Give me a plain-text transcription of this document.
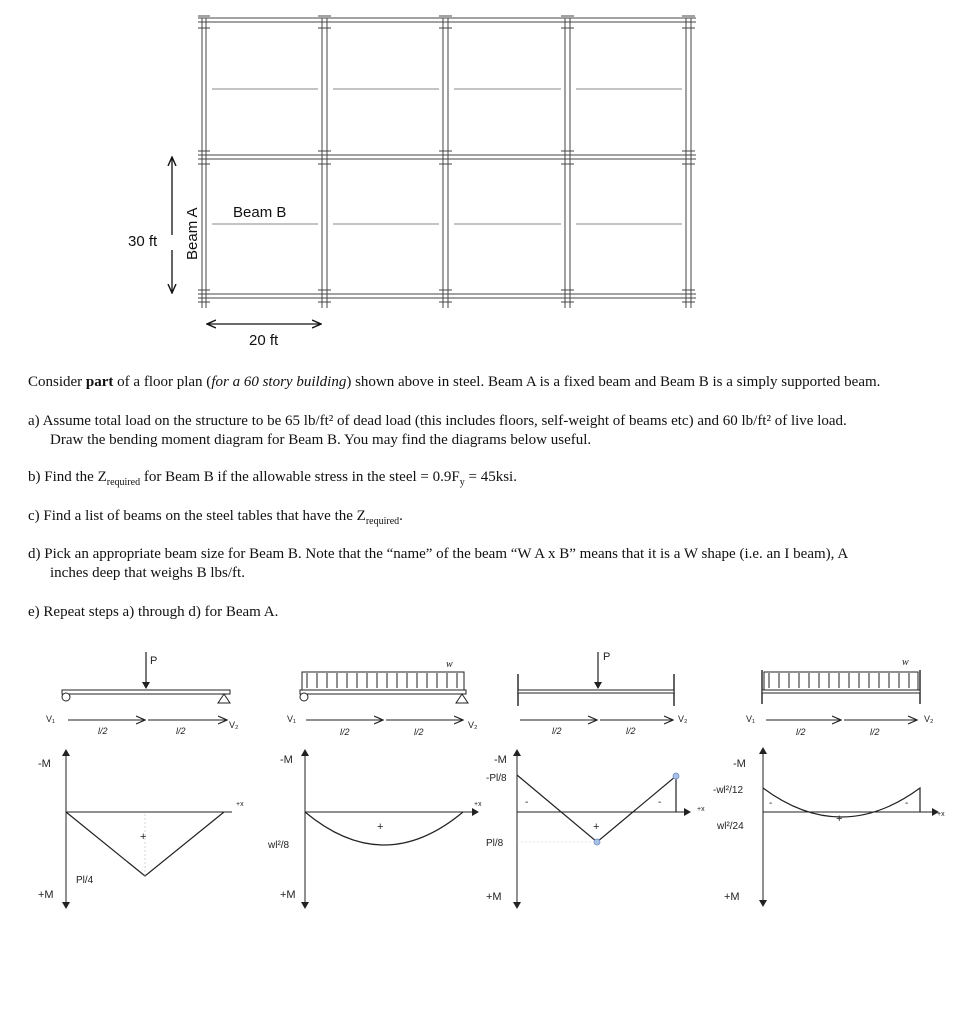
30 ft
20 ft
Beam B
Beam A

Consider part of a floor plan (for a 60 story building) shown above in steel. Beam A is a fixed beam and Beam B is a simply supported beam.

a) Assume total load on the structure to be 65 lb/ft² of dead load (this includes floors, self-weight of beams etc) and 60 lb/ft² of live load.
Draw the bending moment diagram for Beam B. You may find the diagrams below useful.

b) Find the $Z_{required}$ for Beam B if the allowable stress in the steel = $0.9F_y = 45ksi$.

c) Find a list of beams on the steel tables that have the $Z_{required}$.

d) Pick an appropriate beam size for Beam B. Note that the “name” of the beam “W A x B” means that it is a W shape (i.e. an I beam), A
inches deep that weighs B lbs/ft.

e) Repeat steps a) through d) for Beam A.

P
l/2	l/2
V₁
V₂
-M
+M
+x
+
Pl/4
w
l/2	l/2
V₁
V₂
-M
+M
+x
+
wl²/8
P
l/2	l/2
V₂
-M
+M
+x
+
-	-
-Pl/8
Pl/8
w
l/2	l/2
V₁	V₂
-M
+M
+x
+
-	-
-wl²/12
wl²/24
